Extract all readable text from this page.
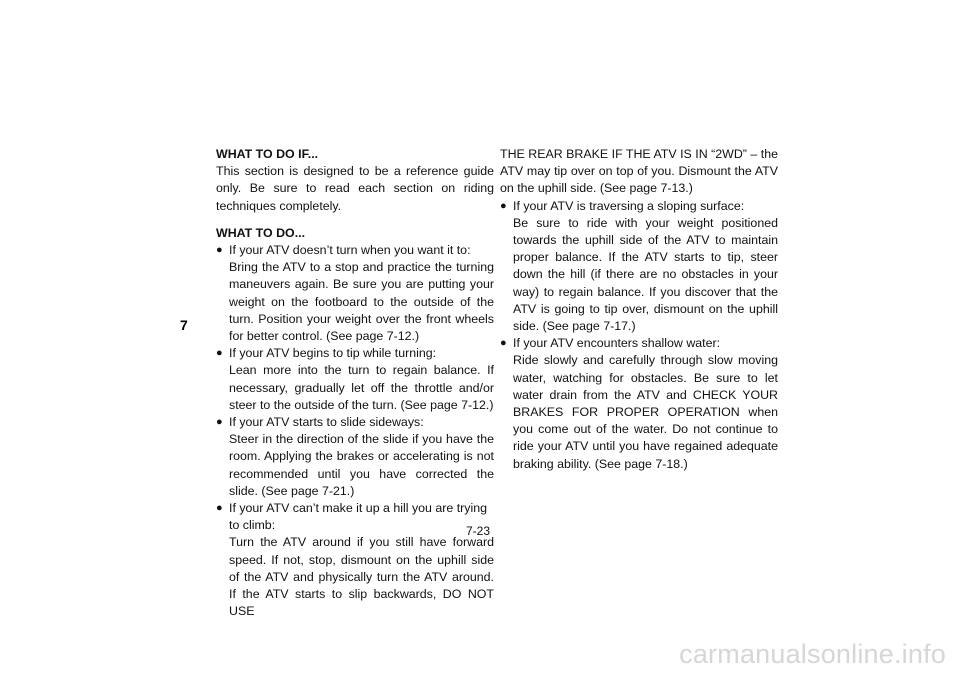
7

WHAT TO DO IF...

This section is designed to be a reference guide only. Be sure to read each section on riding techniques completely.

WHAT TO DO...

● If your ATV doesn’t turn when you want it to:
Bring the ATV to a stop and practice the turning maneuvers again. Be sure you are putting your weight on the footboard to the outside of the turn. Position your weight over the front wheels for better control. (See page 7-12.)
● If your ATV begins to tip while turning:
Lean more into the turn to regain balance. If necessary, gradually let off the throttle and/or steer to the outside of the turn. (See page 7-12.)
● If your ATV starts to slide sideways:
Steer in the direction of the slide if you have the room. Applying the brakes or accelerating is not recommended until you have corrected the slide. (See page 7-21.)
● If your ATV can’t make it up a hill you are trying to climb:
Turn the ATV around if you still have forward speed. If not, stop, dismount on the uphill side of the ATV and physically turn the ATV around. If the ATV starts to slip backwards, DO NOT USE

THE REAR BRAKE IF THE ATV IS IN “2WD” – the ATV may tip over on top of you. Dismount the ATV on the uphill side. (See page 7-13.)

● If your ATV is traversing a sloping surface:
Be sure to ride with your weight positioned towards the uphill side of the ATV to maintain proper balance. If the ATV starts to tip, steer down the hill (if there are no obstacles in your way) to regain balance. If you discover that the ATV is going to tip over, dismount on the uphill side. (See page 7-17.)
● If your ATV encounters shallow water:
Ride slowly and carefully through slow moving water, watching for obstacles. Be sure to let water drain from the ATV and CHECK YOUR BRAKES FOR PROPER OPERATION when you come out of the water. Do not continue to ride your ATV until you have regained adequate braking ability. (See page 7-18.)
7-23
carmanualsonline.info
